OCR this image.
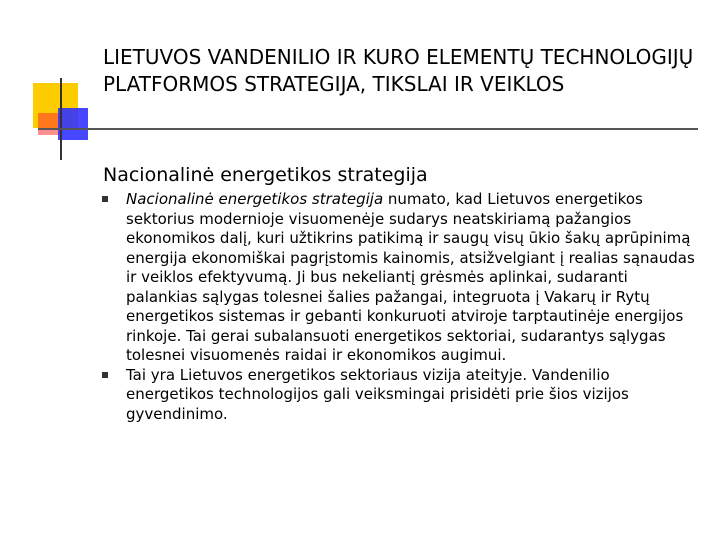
LIETUVOS VANDENILIO IR KURO ELEMENTŲ TECHNOLOGIJŲ PLATFORMOS STRATEGIJA, TIKSLAI IR VEIKLOS
Nacionalinė energetikos strategija
Nacionalinė energetikos strategija numato, kad Lietuvos energetikos sektorius modernioje visuomenėje sudarys neatskiriamą pažangios ekonomikos dalį, kuri užtikrins patikimą ir saugų visų ūkio šakų aprūpinimą energija ekonomiškai pagrįstomis kainomis, atsižvelgiant į realias sąnaudas ir veiklos efektyvumą. Ji bus nekeliantį grėsmės aplinkai, sudaranti palankias sąlygas tolesnei šalies pažangai, integruota į Vakarų ir Rytų energetikos sistemas ir gebanti konkuruoti atviroje tarptautinėje energijos rinkoje. Tai gerai subalansuoti energetikos sektoriai, sudarantys sąlygas tolesnei visuomenės raidai ir ekonomikos augimui.
Tai yra Lietuvos energetikos sektoriaus vizija ateityje. Vandenilio energetikos technologijos gali veiksmingai prisidėti prie šios vizijos gyvendinimo.
